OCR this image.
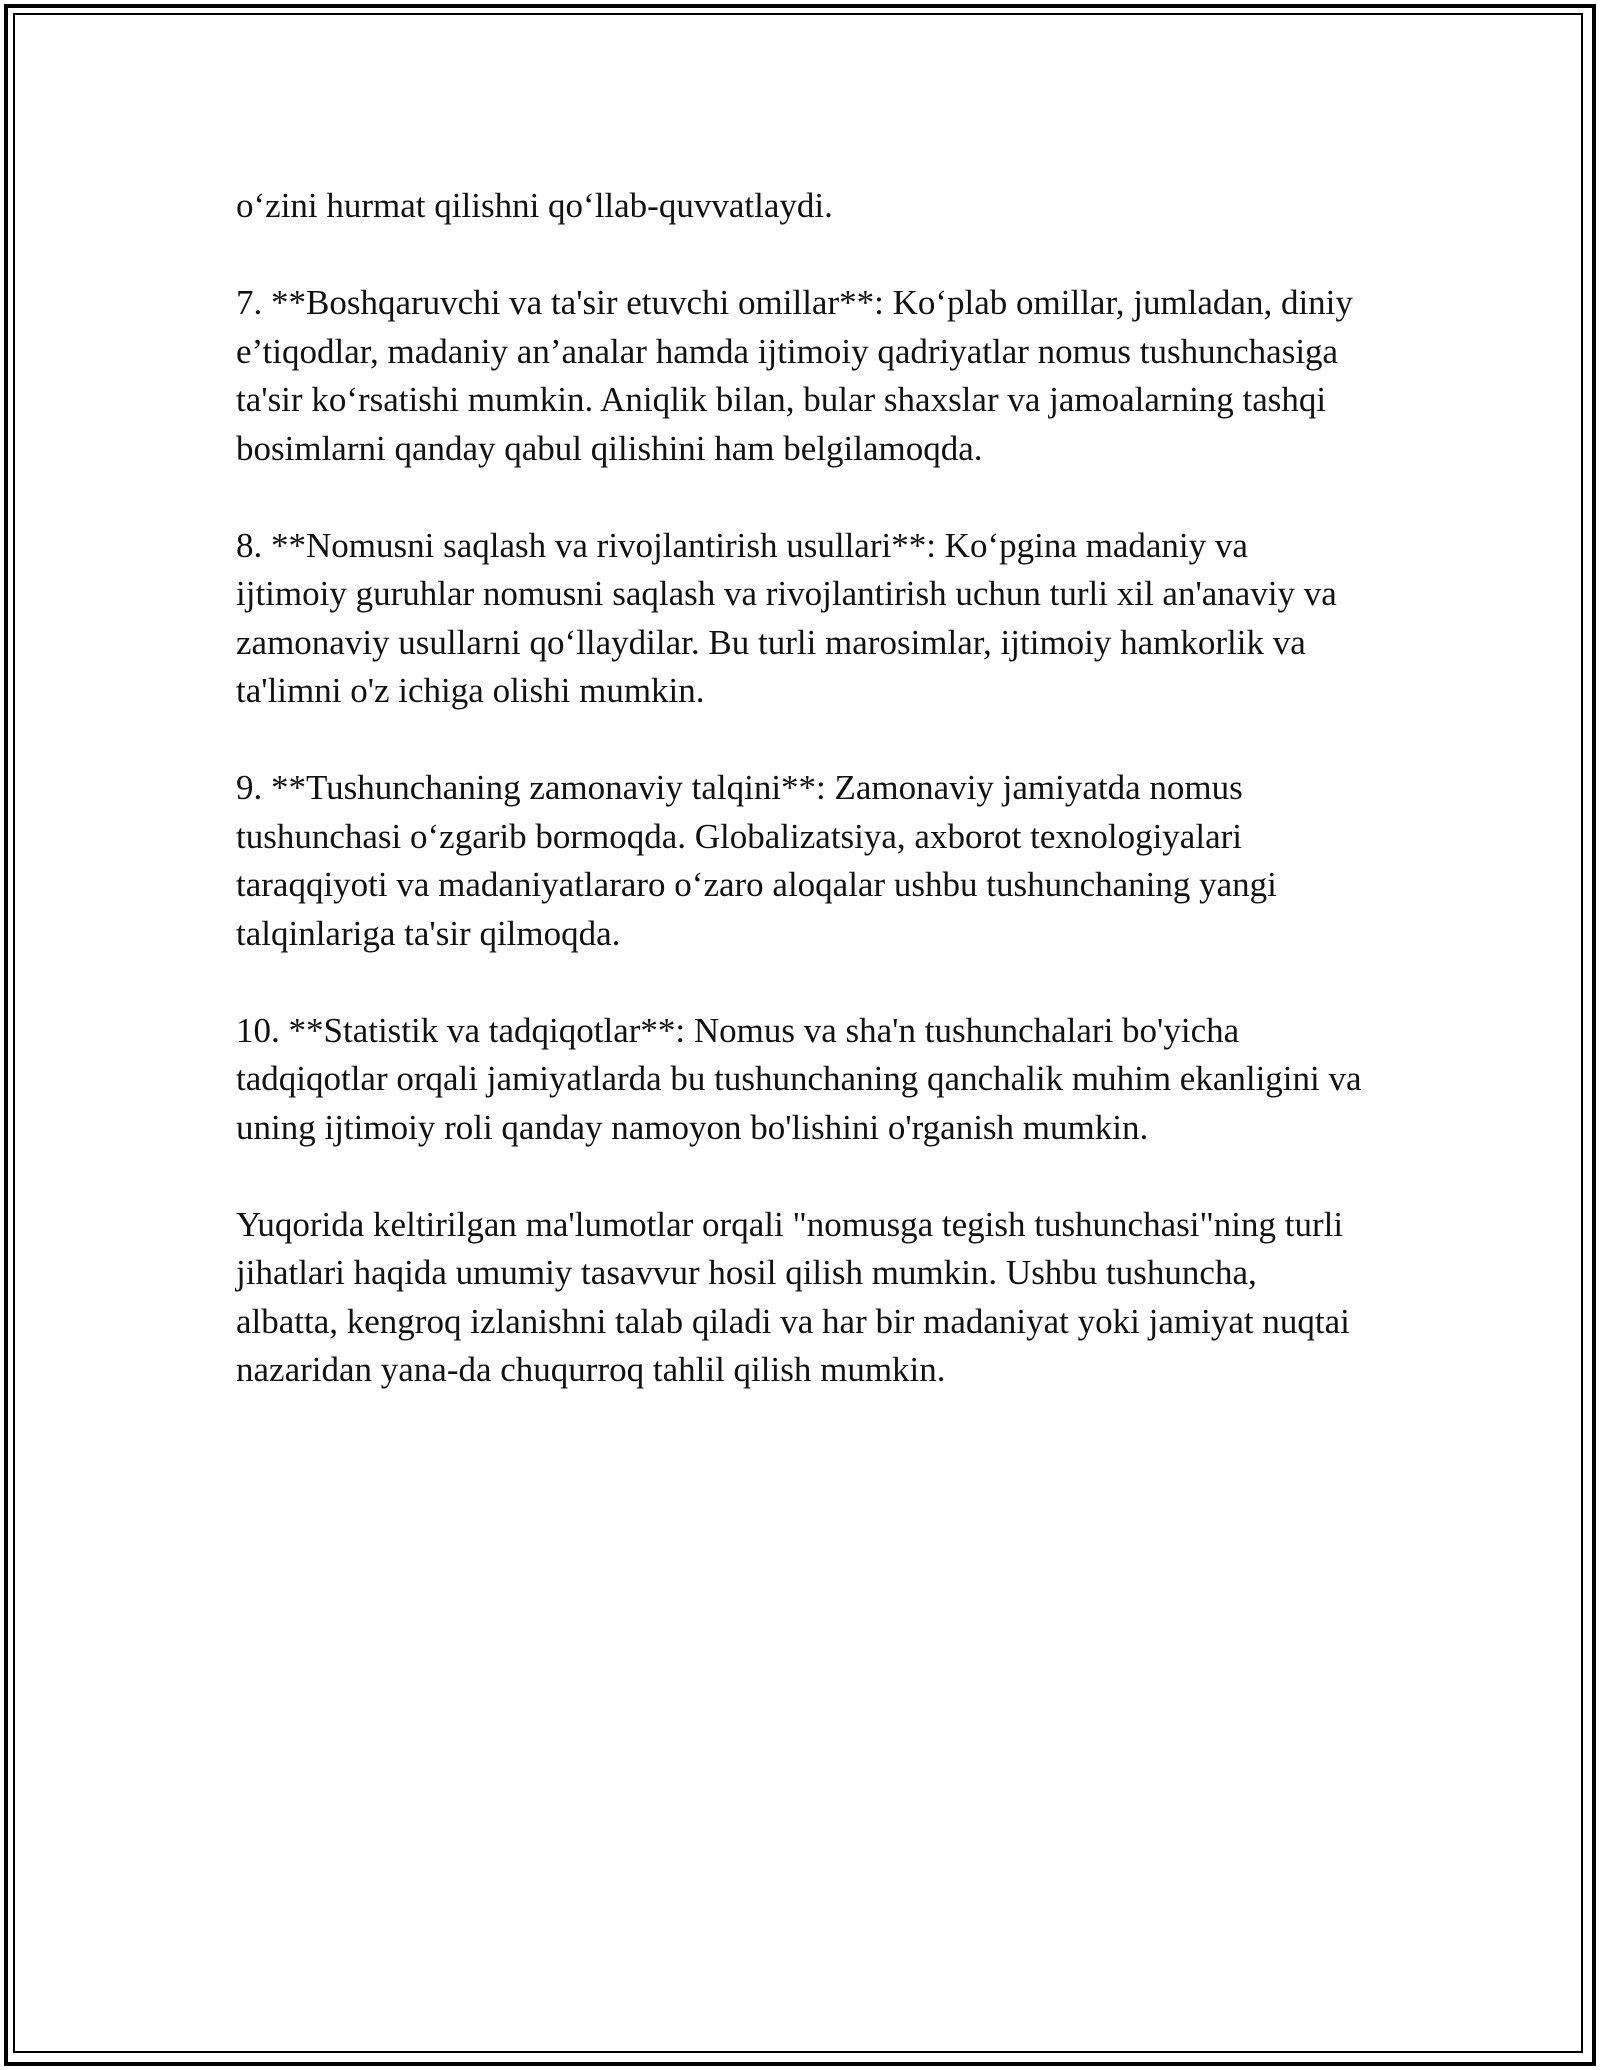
o‘zini hurmat qilishni qo‘llab-quvvatlaydi.

7. **Boshqaruvchi va ta'sir etuvchi omillar**: Ko‘plab omillar, jumladan, diniy e’tiqodlar, madaniy an’analar hamda ijtimoiy qadriyatlar nomus tushunchasiga ta'sir ko‘rsatishi mumkin. Aniqlik bilan, bular shaxslar va jamoalarning tashqi bosimlarni qanday qabul qilishini ham belgilamoqda.

8. **Nomusni saqlash va rivojlantirish usullari**: Ko‘pgina madaniy va ijtimoiy guruhlar nomusni saqlash va rivojlantirish uchun turli xil an'anaviy va zamonaviy usullarni qo‘llaydilar. Bu turli marosimlar, ijtimoiy hamkorlik va ta'limni o'z ichiga olishi mumkin.

9. **Tushunchaning zamonaviy talqini**: Zamonaviy jamiyatda nomus tushunchasi o‘zgarib bormoqda. Globalizatsiya, axborot texnologiyalari taraqqiyoti va madaniyatlararo o‘zaro aloqalar ushbu tushunchaning yangi talqinlariga ta'sir qilmoqda.

10. **Statistik va tadqiqotlar**: Nomus va sha'n tushunchalari bo'yicha tadqiqotlar orqali jamiyatlarda bu tushunchaning qanchalik muhim ekanligini va uning ijtimoiy roli qanday namoyon bo'lishini o'rganish mumkin.

Yuqorida keltirilgan ma'lumotlar orqali "nomusga tegish tushunchasi"ning turli jihatlari haqida umumiy tasavvur hosil qilish mumkin. Ushbu tushuncha, albatta, kengroq izlanishni talab qiladi va har bir madaniyat yoki jamiyat nuqtai nazaridan yana-da chuqurroq tahlil qilish mumkin.
